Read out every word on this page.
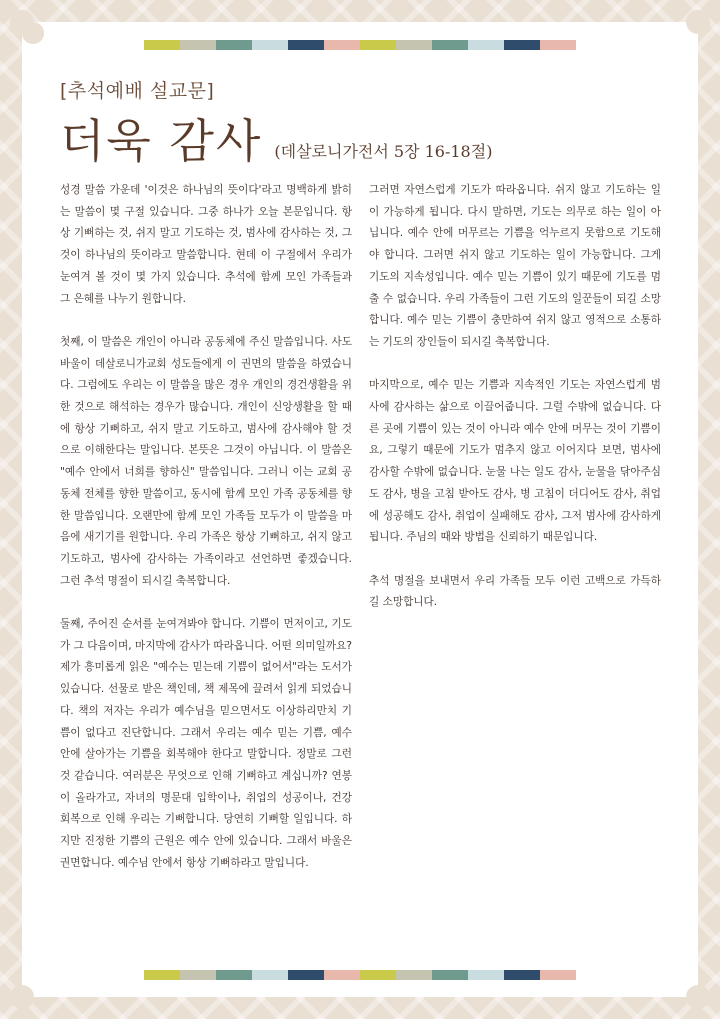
[추석예배 설교문]
더욱 감사 (데살로니가전서 5장 16-18절)

성경 말씀 가운데 '이것은 하나님의 뜻이다'라고 명백하게 밝히는 말씀이 몇 구절 있습니다. 그중 하나가 오늘 본문입니다. 항상 기뻐하는 것, 쉬지 말고 기도하는 것, 범사에 감사하는 것, 그것이 하나님의 뜻이라고 말씀합니다. 현데 이 구절에서 우리가 눈여겨 볼 것이 몇 가지 있습니다. 추석에 함께 모인 가족들과 그 은혜를 나누기 원합니다.

첫째, 이 말씀은 개인이 아니라 공동체에 주신 말씀입니다. 사도 바울이 데살로니가교회 성도들에게 이 권면의 말씀을 하였습니다. 그럼에도 우리는 이 말씀을 많은 경우 개인의 경건생활을 위한 것으로 해석하는 경우가 많습니다. 개인이 신앙생활을 할 때에 항상 기뻐하고, 쉬지 말고 기도하고, 범사에 감사해야 할 것으로 이해한다는 말입니다. 본뜻은 그것이 아닙니다. 이 말씀은 "예수 안에서 너희를 향하신" 말씀입니다. 그러니 이는 교회 공동체 전체를 향한 말씀이고, 동시에 함께 모인 가족 공동체를 향한 말씀입니다. 오랜만에 함께 모인 가족들 모두가 이 말씀을 마음에 새기기를 원합니다. 우리 가족은 항상 기뻐하고, 쉬지 않고 기도하고, 범사에 감사하는 가족이라고 선언하면 좋겠습니다. 그런 추석 명절이 되시길 축복합니다.

둘째, 주어진 순서를 눈여겨봐야 합니다. 기쁨이 먼저이고, 기도가 그 다음이며, 마지막에 감사가 따라옵니다. 어떤 의미일까요? 제가 흥미롭게 읽은 "예수는 믿는데 기쁨이 없어서"라는 도서가 있습니다. 선물로 받은 책인데, 책 제목에 끌려서 읽게 되었습니다. 책의 저자는 우리가 예수님을 믿으면서도 이상하리만치 기쁨이 없다고 진단합니다. 그래서 우리는 예수 믿는 기쁨, 예수 안에 살아가는 기쁨을 회복해야 한다고 말합니다. 정말로 그런 것 같습니다. 여러분은 무엇으로 인해 기뻐하고 계십니까? 연봉이 올라가고, 자녀의 명문대 입학이나, 취업의 성공이나, 건강 회복으로 인해 우리는 기뻐합니다. 당연히 기뻐할 일입니다. 하지만 진정한 기쁨의 근원은 예수 안에 있습니다. 그래서 바울은 권면합니다. 예수님 안에서 항상 기뻐하라고 말입니다.

그러면 자연스럽게 기도가 따라옵니다. 쉬지 않고 기도하는 일이 가능하게 됩니다. 다시 말하면, 기도는 의무로 하는 일이 아닙니다. 예수 안에 머무르는 기쁨을 억누르지 못함으로 기도해야 합니다. 그러면 쉬지 않고 기도하는 일이 가능합니다. 그게 기도의 지속성입니다. 예수 믿는 기쁨이 있기 때문에 기도를 멈출 수 없습니다. 우리 가족들이 그런 기도의 일꾼들이 되길 소망합니다. 예수 믿는 기쁨이 충만하여 쉬지 않고 영적으로 소통하는 기도의 장인들이 되시길 축복합니다.

마지막으로, 예수 믿는 기쁨과 지속적인 기도는 자연스럽게 범사에 감사하는 삶으로 이끌어줍니다. 그럴 수밖에 없습니다. 다른 곳에 기쁨이 있는 것이 아니라 예수 안에 머무는 것이 기쁨이요, 그렇기 때문에 기도가 멈추지 않고 이어지다 보면, 범사에 감사할 수밖에 없습니다. 눈물 나는 일도 감사, 눈물을 닦아주심도 감사, 병을 고침 받아도 감사, 병 고침이 더디어도 감사, 취업에 성공해도 감사, 취업이 실패해도 감사, 그저 범사에 감사하게 됩니다. 주님의 때와 방법을 신뢰하기 때문입니다.

추석 명절을 보내면서 우리 가족들 모두 이런 고백으로 가득하길 소망합니다.
